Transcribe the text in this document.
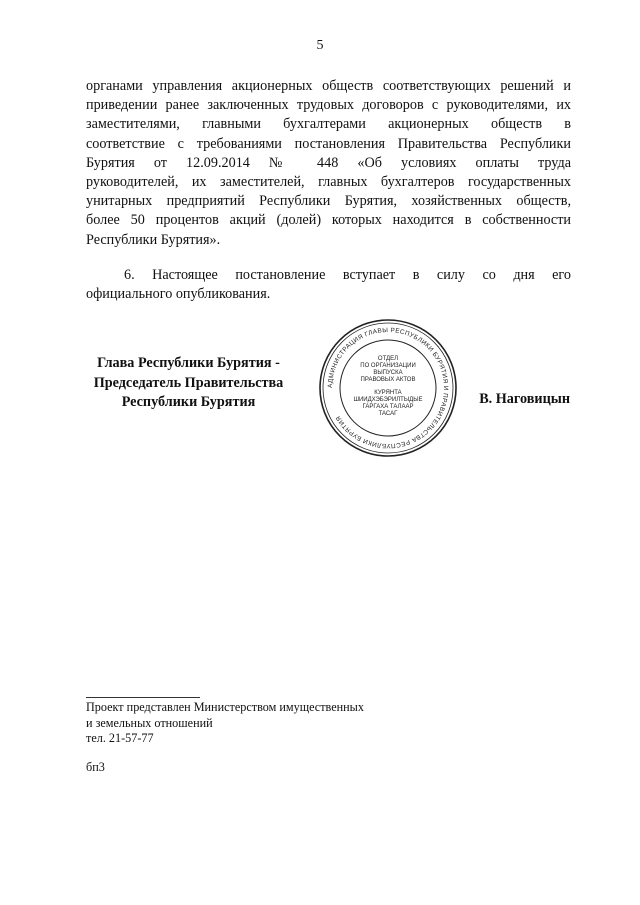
5
органами управления акционерных обществ соответствующих решений и
приведении ранее заключенных трудовых договоров с руководителями, их
заместителями, главными бухгалтерами акционерных обществ в
соответствие с требованиями постановления Правительства Республики
Бурятия от 12.09.2014 № 448 «Об условиях оплаты труда
руководителей, их заместителей, главных бухгалтеров государственных
унитарных предприятий Республики Бурятия, хозяйственных обществ,
более 50 процентов акций (долей) которых находится в собственности
Республики Бурятия».
6. Настоящее постановление вступает в силу со дня его
официального опубликования.
Глава Республики Бурятия -
Председатель Правительства
Республики Бурятия
АДМИНИСТРАЦИЯ ГЛАВЫ РЕСПУБЛИКИ БУРЯТИЯ И ПРАВИТЕЛЬСТВА РЕСПУБЛИКИ БУРЯТИЯ
ОТДЕЛ
ПО ОРГАНИЗАЦИИ
ВЫПУСКА
ПРАВОВЫХ АКТОВ
КУРЯНТА
ШИИДХЭБЭРИЛТЫДЫЕ
ГАРГАХА ТАЛААР
ТАСАГ
В. Наговицын
Проект представлен Министерством имущественных
и земельных отношений
тел. 21-57-77
бп3
